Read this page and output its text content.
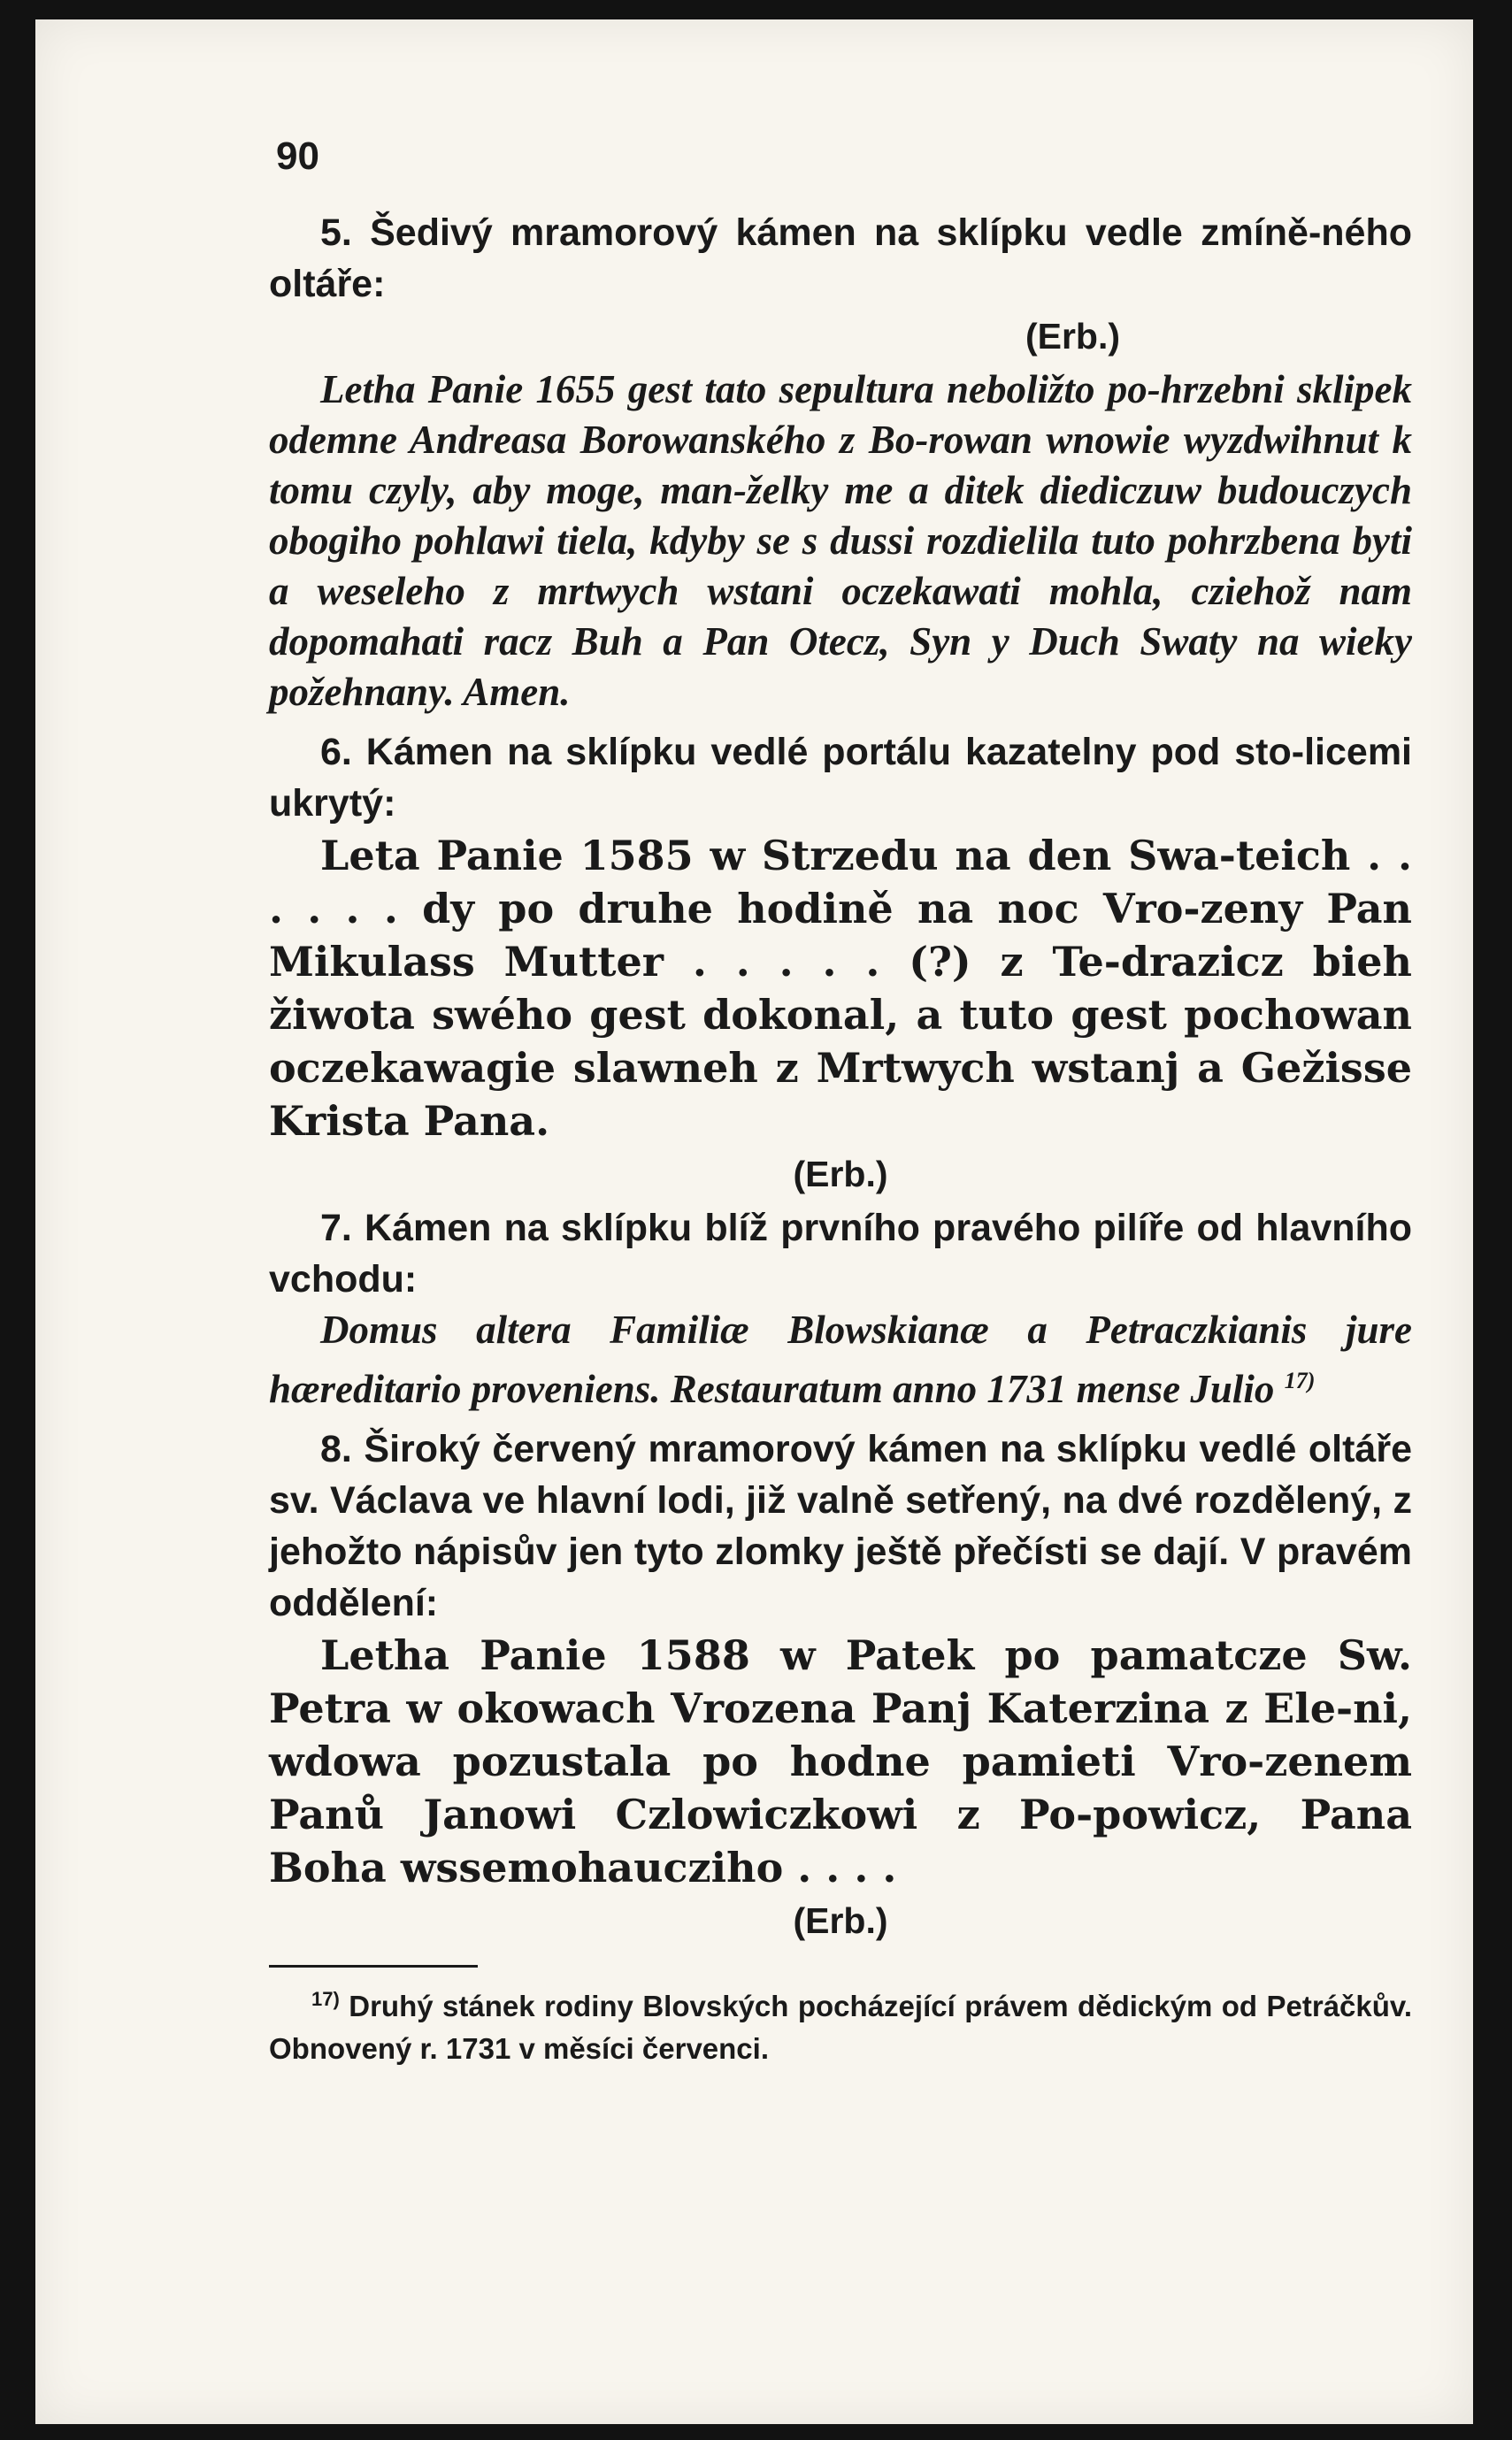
90

5. Šedivý mramorový kámen na sklípku vedle zmíně-ného oltáře:

(Erb.)

Letha Panie 1655 gest tato sepultura neboližto po-hrzebni sklipek odemne Andreasa Borowanského z Bo-rowan wnowie wyzdwihnut k tomu czyly, aby moge, man-želky me a ditek diediczuw budouczych obogiho pohlawi tiela, kdyby se s dussi rozdielila tuto pohrzbena byti a weseleho z mrtwych wstani oczekawati mohla, cziehož nam dopomahati racz Buh a Pan Otecz, Syn y Duch Swaty na wieky požehnany. Amen.

6. Kámen na sklípku vedlé portálu kazatelny pod sto-licemi ukrytý:

Leta Panie 1585 w Strzedu na den Swa-teich . . . . . . dy po druhe hodině na noc Vro-zeny Pan Mikulass Mutter . . . . . (?) z Te-drazicz bieh žiwota swého gest dokonal, a tuto gest pochowan oczekawagie slawneh z Mrtwych wstanj a Gežisse Krista Pana.

(Erb.)

7. Kámen na sklípku blíž prvního pravého pilíře od hlavního vchodu:

Domus altera Familiæ Blowskianæ a Petraczkianis jure hæreditario proveniens. Restauratum anno 1731 mense Julio $^{17)}$

8. Široký červený mramorový kámen na sklípku vedlé oltáře sv. Václava ve hlavní lodi, již valně setřený, na dvé rozdělený, z jehožto nápisův jen tyto zlomky ještě přečísti se dají. V pravém oddělení:

Letha Panie 1588 w Patek po pamatcze Sw. Petra w okowach Vrozena Panj Katerzina z Ele-ni, wdowa pozustala po hodne pamieti Vro-zenem Panů Janowi Czlowiczkowi z Po-powicz, Pana Boha wssemohaucziho . . . .

(Erb.)

$^{17)}$ Druhý stánek rodiny Blovských pocházející právem dědickým od Petráčkův. Obnovený r. 1731 v měsíci červenci.
